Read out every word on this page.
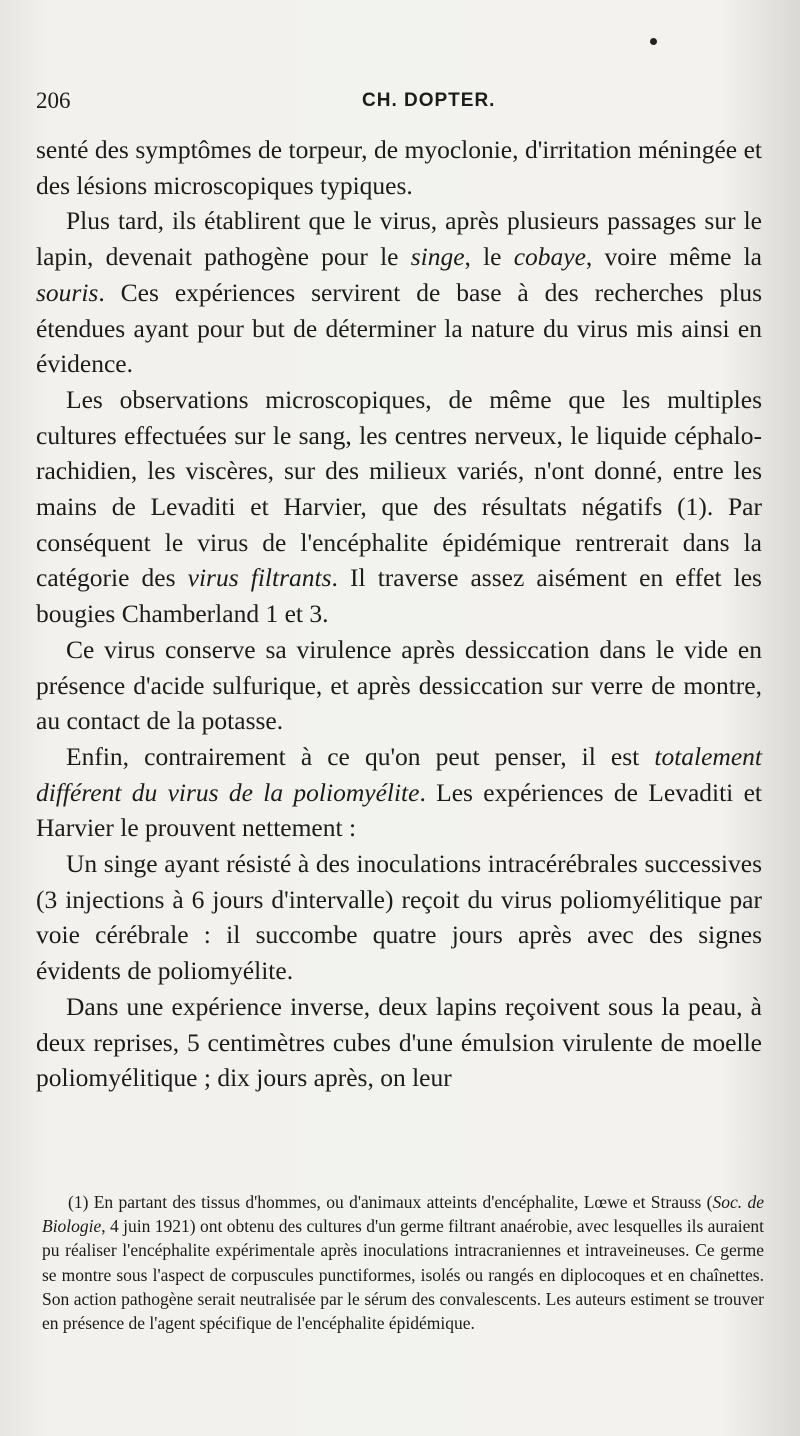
206	CH. DOPTER.

senté des symptômes de torpeur, de myoclonie, d'irritation méningée et des lésions microscopiques typiques.

Plus tard, ils établirent que le virus, après plusieurs passages sur le lapin, devenait pathogène pour le singe, le cobaye, voire même la souris. Ces expériences servirent de base à des recherches plus étendues ayant pour but de déterminer la nature du virus mis ainsi en évidence.

Les observations microscopiques, de même que les multiples cultures effectuées sur le sang, les centres nerveux, le liquide céphalo-rachidien, les viscères, sur des milieux variés, n'ont donné, entre les mains de Levaditi et Harvier, que des résultats négatifs (1). Par conséquent le virus de l'encéphalite épidémique rentrerait dans la catégorie des virus filtrants. Il traverse assez aisément en effet les bougies Chamberland 1 et 3.

Ce virus conserve sa virulence après dessiccation dans le vide en présence d'acide sulfurique, et après dessiccation sur verre de montre, au contact de la potasse.

Enfin, contrairement à ce qu'on peut penser, il est totalement différent du virus de la poliomyélite. Les expériences de Levaditi et Harvier le prouvent nettement :

Un singe ayant résisté à des inoculations intracérébrales successives (3 injections à 6 jours d'intervalle) reçoit du virus poliomyélitique par voie cérébrale : il succombe quatre jours après avec des signes évidents de poliomyélite.

Dans une expérience inverse, deux lapins reçoivent sous la peau, à deux reprises, 5 centimètres cubes d'une émulsion virulente de moelle poliomyélitique ; dix jours après, on leur

(1) En partant des tissus d'hommes, ou d'animaux atteints d'encéphalite, Lœwe et Strauss (Soc. de Biologie, 4 juin 1921) ont obtenu des cultures d'un germe filtrant anaérobie, avec lesquelles ils auraient pu réaliser l'encéphalite expérimentale après inoculations intracraniennes et intraveineuses. Ce germe se montre sous l'aspect de corpuscules punctiformes, isolés ou rangés en diplocoques et en chaînettes. Son action pathogène serait neutralisée par le sérum des convalescents. Les auteurs estiment se trouver en présence de l'agent spécifique de l'encéphalite épidémique.
